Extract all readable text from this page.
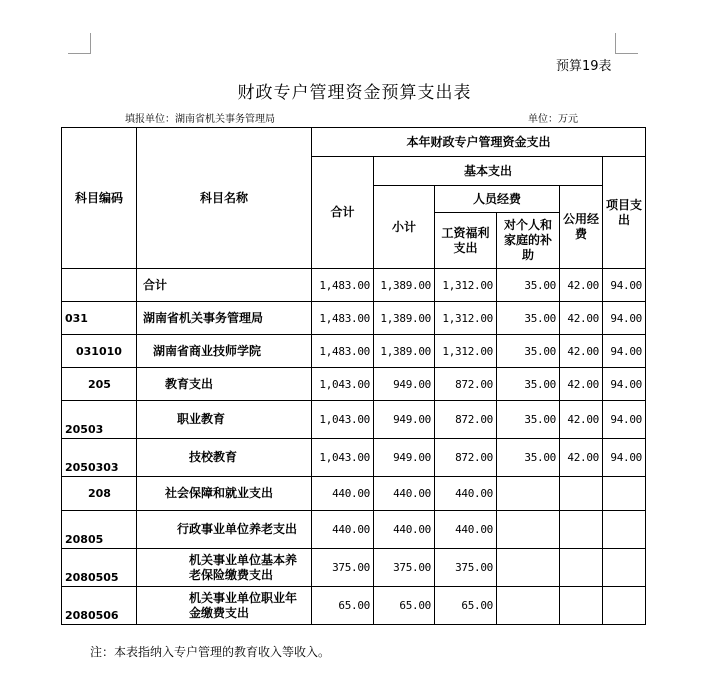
预算19表
财政专户管理资金预算支出表
填报单位：湖南省机关事务管理局	单位：万元
科目编码	科目名称	本年财政专户管理资金支出					
		合计	基本支出				项目支出
			小计	人员经费		公用经费	
				工资福利支出	对个人和家庭的补助		
	合计	1,483.00	1,389.00	1,312.00	35.00	42.00	94.00
031	湖南省机关事务管理局	1,483.00	1,389.00	1,312.00	35.00	42.00	94.00
031010	湖南省商业技师学院	1,483.00	1,389.00	1,312.00	35.00	42.00	94.00
205	教育支出	1,043.00	949.00	872.00	35.00	42.00	94.00
20503	职业教育	1,043.00	949.00	872.00	35.00	42.00	94.00
2050303	技校教育	1,043.00	949.00	872.00	35.00	42.00	94.00
208	社会保障和就业支出	440.00	440.00	440.00			
20805	行政事业单位养老支出	440.00	440.00	440.00			
2080505	机关事业单位基本养老保险缴费支出	375.00	375.00	375.00			
2080506	机关事业单位职业年金缴费支出	65.00	65.00	65.00			
注：本表指纳入专户管理的教育收入等收入。
